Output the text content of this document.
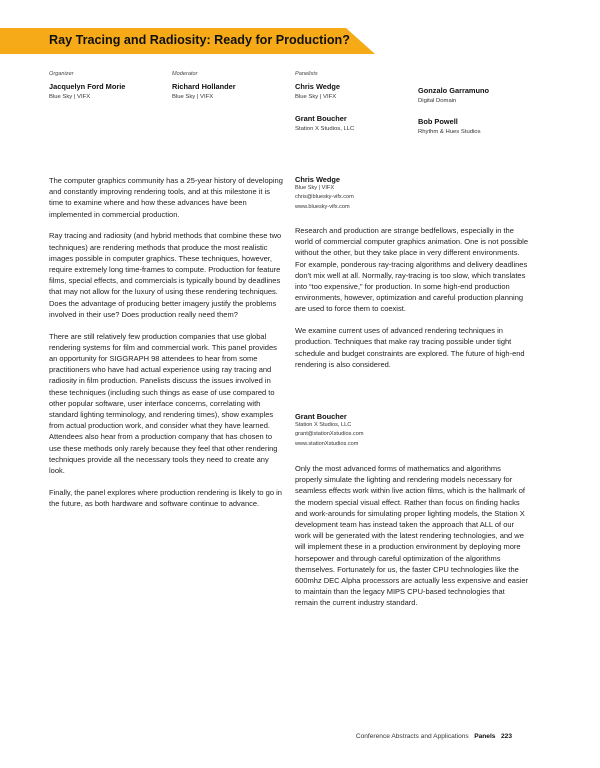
Ray Tracing and Radiosity: Ready for Production?
Organizer
Jacquelyn Ford Morie
Blue Sky | VIFX
Moderator
Richard Hollander
Blue Sky | VIFX
Panelists
Chris Wedge
Blue Sky | VIFX
Gonzalo Garramuno
Digital Domain
Grant Boucher
Station X Studios, LLC
Bob Powell
Rhythm & Hues Studios

The computer graphics community has a 25-year history of developing and constantly improving rendering tools, and at this milestone it is time to examine where and how these advances have been implemented in commercial production.

Ray tracing and radiosity (and hybrid methods that combine these two techniques) are rendering methods that produce the most realistic images possible in computer graphics. These techniques, however, require extremely long time-frames to compute. Production for feature films, special effects, and commercials is typically bound by deadlines that may not allow for the luxury of using these rendering techniques. Does the advantage of producing better imagery justify the problems involved in their use? Does production really need them?

There are still relatively few production companies that use global rendering systems for film and commercial work. This panel provides an opportunity for SIGGRAPH 98 attendees to hear from some practitioners who have had actual experience using ray tracing and radiosity in film production. Panelists discuss the issues involved in these techniques (including such things as ease of use compared to other popular software, user interface concerns, correlating with standard lighting terminology, and rendering times), show examples from actual production work, and consider what they have learned. Attendees also hear from a production company that has chosen to use these methods only rarely because they feel that other rendering techniques provide all the necessary tools they need to create any look.

Finally, the panel explores where production rendering is likely to go in the future, as both hardware and software continue to advance.

Chris Wedge
Blue Sky | VIFX
chris@bluesky-vifx.com
www.bluesky-vifx.com

Research and production are strange bedfellows, especially in the world of commercial computer graphics animation. One is not possible without the other, but they take place in very different environments. For example, ponderous ray-tracing algorithms and delivery deadlines don’t mix well at all. Normally, ray-tracing is too slow, which translates into “too expensive,” for production. In some high-end production environments, however, optimization and careful production planning are used to force them to coexist.

We examine current uses of advanced rendering techniques in production. Techniques that make ray tracing possible under tight schedule and budget constraints are explored. The future of high-end rendering is also considered.

Grant Boucher
Station X Studios, LLC
grant@stationXstudios.com
www.stationXstudios.com

Only the most advanced forms of mathematics and algorithms properly simulate the lighting and rendering models necessary for seamless effects work within live action films, which is the hallmark of the modern special visual effect. Rather than focus on finding hacks and work-arounds for simulating proper lighting models, the Station X development team has instead taken the approach that ALL of our work will be generated with the latest rendering technologies, and we will implement these in a production environment by deploying more horsepower and through careful optimization of the algorithms themselves. Fortunately for us, the faster CPU technologies like the 600mhz DEC Alpha processors are actually less expensive and easier to maintain than the legacy MIPS CPU-based technologies that remain the current industry standard.

Conference Abstracts and Applications Panels 223
